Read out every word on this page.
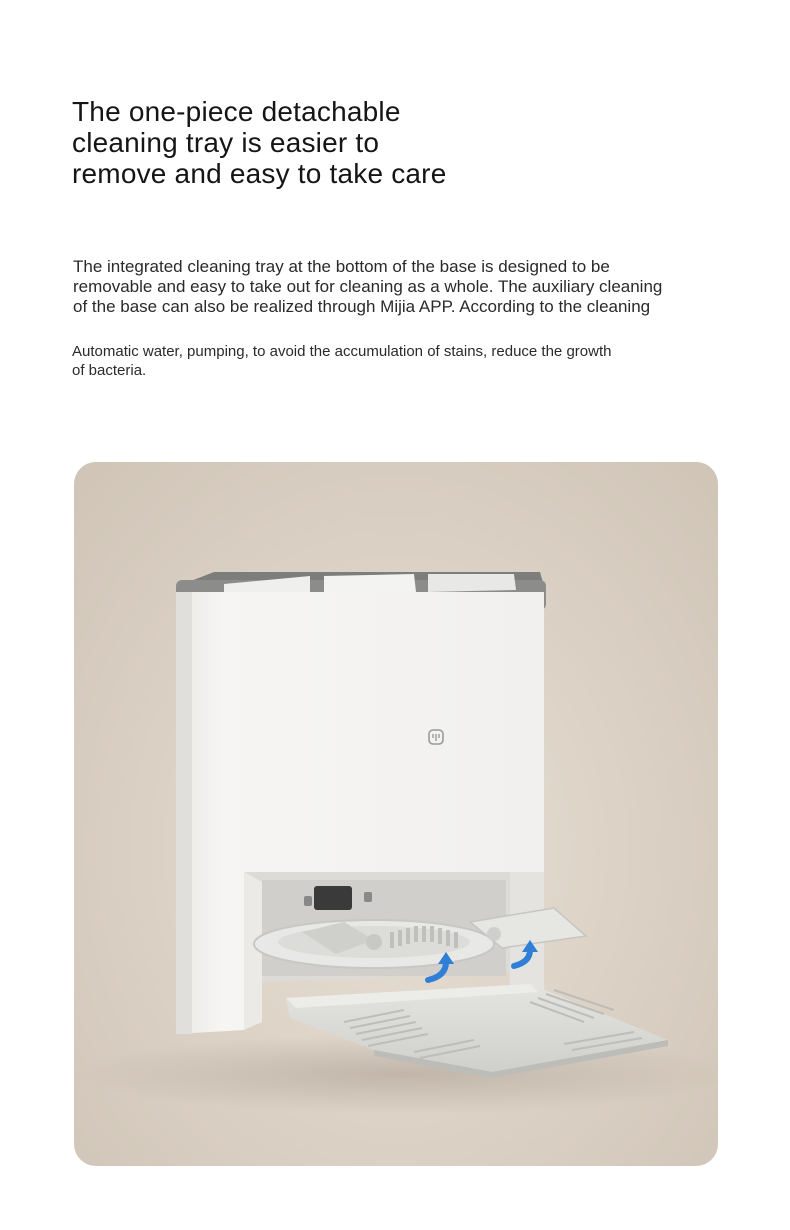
The one-piece detachable
cleaning tray is easier to
remove and easy to take care

The integrated cleaning tray at the bottom of the base is designed to be
removable and easy to take out for cleaning as a whole. The auxiliary cleaning
of the base can also be realized through Mijia APP. According to the cleaning

Automatic water, pumping, to avoid the accumulation of stains, reduce the growth
of bacteria.
